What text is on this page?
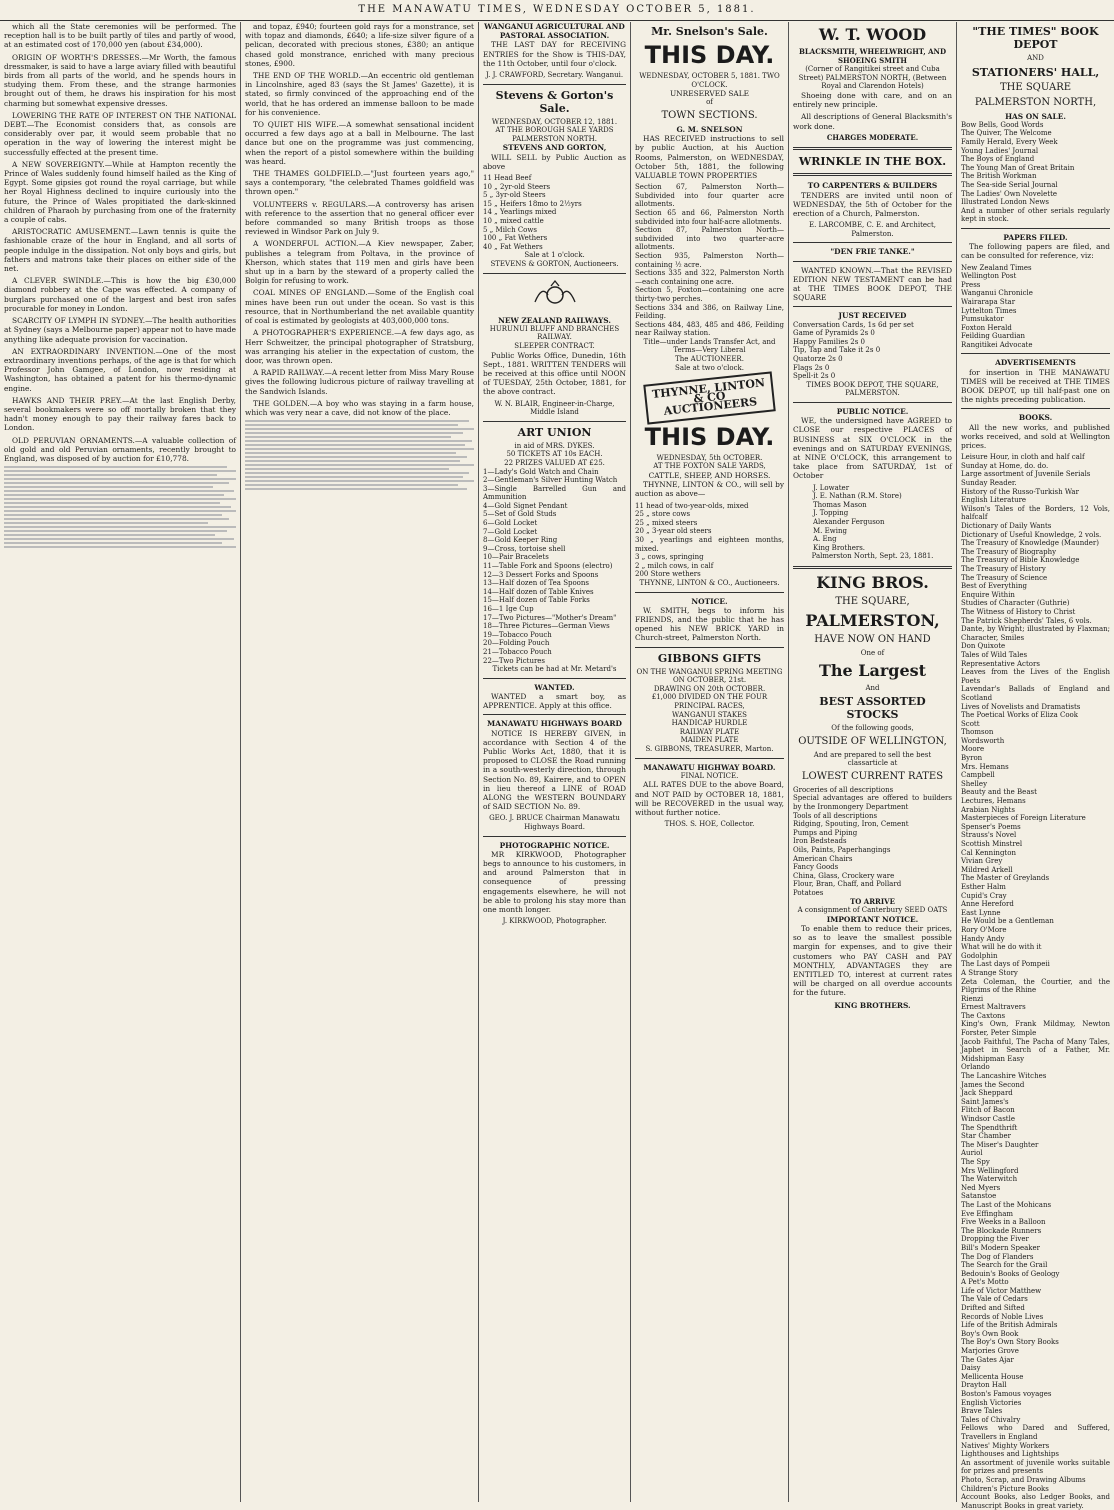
THE MANAWATU TIMES, WEDNESDAY OCTOBER 5, 1881.

which all the State ceremonies will be performed. The reception hall is to be built partly of tiles and partly of wood, at an estimated cost of 170,000 yen (about £34,000).

ORIGIN OF WORTH'S DRESSES.—Mr Worth, the famous dressmaker, is said to have a large aviary filled with beautiful birds from all parts of the world, and he spends hours in studying them. From these, and the strange harmonies brought out of them, he draws his inspiration for his most charming but somewhat expensive dresses.

LOWERING THE RATE OF INTEREST ON THE NATIONAL DEBT.—The Economist considers that, as consols are considerably over par, it would seem probable that no operation in the way of lowering the interest might be successfully effected at the present time.

A NEW SOVEREIGNTY.—While at Hampton recently the Prince of Wales suddenly found himself hailed as the King of Egypt. Some gipsies got round the royal carriage, but while her Royal Highness declined to inquire curiously into the future, the Prince of Wales propitiated the dark-skinned children of Pharaoh by purchasing from one of the fraternity a couple of cabs.

ARISTOCRATIC AMUSEMENT.—Lawn tennis is quite the fashionable craze of the hour in England, and all sorts of people indulge in the dissipation. Not only boys and girls, but fathers and matrons take their places on either side of the net.

A CLEVER SWINDLE.—This is how the big £30,000 diamond robbery at the Cape was effected. A company of burglars purchased one of the largest and best iron safes procurable for money in London.

SCARCITY OF LYMPH IN SYDNEY.—The health authorities at Sydney (says a Melbourne paper) appear not to have made anything like adequate provision for vaccination.

AN EXTRAORDINARY INVENTION.—One of the most extraordinary inventions perhaps, of the age is that for which Professor John Gamgee, of London, now residing at Washington, has obtained a patent for his thermo-dynamic engine.

HAWKS AND THEIR PREY.—At the last English Derby, several bookmakers were so off mortally broken that they hadn't money enough to pay their railway fares back to London.

OLD PERUVIAN ORNAMENTS.—A valuable collection of old gold and old Peruvian ornaments, recently brought to England, was disposed of by auction for £10,778.

and topaz, £940; fourteen gold rays for a monstrance, set with topaz and diamonds, £640; a life-size silver figure of a pelican, decorated with precious stones, £380; an antique chased gold monstrance, enriched with many precious stones, £900.

THE END OF THE WORLD.—An eccentric old gentleman in Lincolnshire, aged 83 (says the St James' Gazette), it is stated, so firmly convinced of the approaching end of the world, that he has ordered an immense balloon to be made for his convenience.

TO QUIET HIS WIFE.—A somewhat sensational incident occurred a few days ago at a ball in Melbourne. The last dance but one on the programme was just commencing, when the report of a pistol somewhere within the building was heard.

THE THAMES GOLDFIELD.—"Just fourteen years ago," says a contemporary, "the celebrated Thames goldfield was thrown open."

VOLUNTEERS v. REGULARS.—A controversy has arisen with reference to the assertion that no general officer ever before commanded so many British troops as those reviewed in Windsor Park on July 9.

A WONDERFUL ACTION.—A Kiev newspaper, Zaber, publishes a telegram from Poltava, in the province of Kherson, which states that 119 men and girls have been shut up in a barn by the steward of a property called the Bolgin for refusing to work.

COAL MINES OF ENGLAND.—Some of the English coal mines have been run out under the ocean. So vast is this resource, that in Northumberland the net available quantity of coal is estimated by geologists at 403,000,000 tons.

A PHOTOGRAPHER'S EXPERIENCE.—A few days ago, as Herr Schweitzer, the principal photographer of Stratsburg, was arranging his atelier in the expectation of custom, the door, was thrown open.

A RAPID RAILWAY.—A recent letter from Miss Mary Rouse gives the following ludicrous picture of railway travelling at the Sandwich Islands.

THE GOLDEN.—A boy who was staying in a farm house, which was very near a cave, did not know of the place.

WANGANUI AGRICULTURAL AND PASTORAL ASSOCIATION.

THE LAST DAY for RECEIVING ENTRIES for the Show is THIS-DAY, the 11th October, until four o'clock.

J. J. CRAWFORD, Secretary. Wanganui.
Stevens & Gorton's Sale.
WEDNESDAY, OCTOBER 12, 1881.
AT THE BOROUGH SALE YARDS PALMERSTON NORTH.
STEVENS AND GORTON,

WILL SELL by Public Auction as above

11 Head Beef
10 „ 2yr-old Steers
5 „ 3yr-old Steers
15 „ Heifers 18mo to 2½yrs
14 „ Yearlings mixed
10 „ mixed cattle
5 „ Milch Cows
100 „ Fat Wethers
40 „ Fat Wethers
Sale at 1 o'clock.
STEVENS & GORTON, Auctioneers.
NEW ZEALAND RAILWAYS.
HURUNUI BLUFF AND BRANCHES RAILWAY.
SLEEPER CONTRACT.

Public Works Office, Dunedin, 16th Sept., 1881. WRITTEN TENDERS will be received at this office until NOON of TUESDAY, 25th October, 1881, for the above contract.

W. N. BLAIR, Engineer-in-Charge, Middle Island
ART UNION
in aid of MRS. DYKES.
50 TICKETS AT 10s EACH.
22 PRIZES VALUED AT £25.
1—Lady's Gold Watch and Chain
2—Gentleman's Silver Hunting Watch
3—Single Barrelled Gun and Ammunition
4—Gold Signet Pendant
5—Set of Gold Studs
6—Gold Locket
7—Gold Locket
8—Gold Keeper Ring
9—Cross, tortoise shell
10—Pair Bracelets
11—Table Fork and Spoons (electro)
12—3 Dessert Forks and Spoons
13—Half dozen of Tea Spoons
14—Half dozen of Table Knives
15—Half dozen of Table Forks
16—1 Ige Cup
17—Two Pictures—"Mother's Dream"
18—Three Pictures—German Views
19—Tobacco Pouch
20—Folding Pouch
21—Tobacco Pouch
22—Two Pictures
Tickets can be had at Mr. Metard's
WANTED.

WANTED a smart boy, as APPRENTICE. Apply at this office.

MANAWATU HIGHWAYS BOARD

NOTICE IS HEREBY GIVEN, in accordance with Section 4 of the Public Works Act, 1880, that it is proposed to CLOSE the Road running in a south-westerly direction, through Section No. 89, Kairere, and to OPEN in lieu thereof a LINE of ROAD ALONG the WESTERN BOUNDARY of SAID SECTION No. 89.

GEO. J. BRUCE Chairman Manawatu Highways Board.
PHOTOGRAPHIC NOTICE.

MR KIRKWOOD, Photographer begs to announce to his customers, in and around Palmerston that in consequence of pressing engagements elsewhere, he will not be able to prolong his stay more than one month longer.

J. KIRKWOOD, Photographer.
Mr. Snelson's Sale.
THIS DAY.
WEDNESDAY, OCTOBER 5, 1881. TWO O'CLOCK.
UNRESERVED SALE
of
TOWN SECTIONS.
G. M. SNELSON

HAS RECEIVED instructions to sell by public Auction, at his Auction Rooms, Palmerston, on WEDNESDAY, October 5th, 1881, the following VALUABLE TOWN PROPERTIES

Section 67, Palmerston North—Subdivided into four quarter acre allotments.
Section 65 and 66, Palmerston North subdivided into four half-acre allotments.
Section 87, Palmerston North—subdivided into two quarter-acre allotments.
Section 935, Palmerston North—containing ½ acre.
Sections 335 and 322, Palmerston North—each containing one acre.
Section 5, Foxton—containing one acre thirty-two perches.
Sections 334 and 386, on Railway Line, Feilding.
Sections 484, 483, 485 and 486, Feilding near Railway station.
Title—under Lands Transfer Act, and Terms—Very Liberal
The AUCTIONEER.
Sale at two o'clock.
THYNNE, LINTON & CO AUCTIONEERS
THIS DAY.
WEDNESDAY, 5th OCTOBER.
AT THE FOXTON SALE YARDS,
CATTLE, SHEEP, AND HORSES.

THYNNE, LINTON & CO., will sell by auction as above—

11 head of two-year-olds, mixed
25 „ store cows
25 „ mixed steers
20 „ 3-year old steers
30 „ yearlings and eighteen months, mixed.
3 „ cows, springing
2 „ milch cows, in calf
200 Store wethers
THYNNE, LINTON & CO., Auctioneers.
NOTICE.

W. SMITH, begs to inform his FRIENDS, and the public that he has opened his NEW BRICK YARD in Church-street, Palmerston North.

GIBBONS GIFTS
ON THE WANGANUI SPRING MEETING
ON OCTOBER, 21st.
DRAWING ON 20th OCTOBER.
£1,000 DIVIDED ON THE FOUR PRINCIPAL RACES,
WANGANUI STAKES
HANDICAP HURDLE
RAILWAY PLATE
MAIDEN PLATE
S. GIBBONS, TREASURER, Marton.
MANAWATU HIGHWAY BOARD.
FINAL NOTICE.

ALL RATES DUE to the above Board, and NOT PAID by OCTOBER 18, 1881, will be RECOVERED in the usual way, without further notice.

THOS. S. HOE, Collector.
W. T. WOOD
BLACKSMITH, WHEELWRIGHT, AND SHOEING SMITH
(Corner of Rangitikei street and Cuba Street) PALMERSTON NORTH, (Between Royal and Clarendon Hotels)

Shoeing done with care, and on an entirely new principle.

All descriptions of General Blacksmith's work done.

CHARGES MODERATE.
WRINKLE IN THE BOX.
TO CARPENTERS & BUILDERS

TENDERS are invited until noon of WEDNESDAY, the 5th of October for the erection of a Church, Palmerston.

E. LARCOMBE, C. E. and Architect, Palmerston.
"DEN FRIE TANKE."

WANTED KNOWN.—That the REVISED EDITION NEW TESTAMENT can be had at THE TIMES BOOK DEPOT, THE SQUARE

JUST RECEIVED
Conversation Cards, 1s 6d per set
Game of Pyramids 2s 0
Happy Families 2s 0
Tip, Tap and Take it 2s 0
Quatorze 2s 0
Flags 2s 0
Spell-it 2s 0
TIMES BOOK DEPOT, THE SQUARE, PALMERSTON.
PUBLIC NOTICE.

WE, the undersigned have AGREED to CLOSE our respective PLACES of BUSINESS at SIX O'CLOCK in the evenings and on SATURDAY EVENINGS, at NINE O'CLOCK, this arrangement to take place from SATURDAY, 1st of October

J. Lowater
J. E. Nathan (R.M. Store)
Thomas Mason
J. Topping
Alexander Ferguson
M. Ewing
A. Eng
King Brothers.
Palmerston North, Sept. 23, 1881.
KING BROS.
THE SQUARE,
PALMERSTON,
HAVE NOW ON HAND
One of
The Largest
And
BEST ASSORTED STOCKS
Of the following goods,
OUTSIDE OF WELLINGTON,
And are prepared to sell the best classarticle at
LOWEST CURRENT RATES
Groceries of all descriptions
Special advantages are offered to builders by the Ironmongery Department
Tools of all descriptions
Ridging, Spouting, Iron, Cement
Pumps and Piping
Iron Bedsteads
Oils, Paints, Paperhangings
American Chairs
Fancy Goods
China, Glass, Crockery ware
Flour, Bran, Chaff, and Pollard
Potatoes
TO ARRIVE
A consignment of Canterbury SEED OATS
IMPORTANT NOTICE.

To enable them to reduce their prices, so as to leave the smallest possible margin for expenses, and to give their customers who PAY CASH and PAY MONTHLY, ADVANTAGES they are ENTITLED TO, interest at current rates will be charged on all overdue accounts for the future.

KING BROTHERS.
"THE TIMES" BOOK DEPOT
AND
STATIONERS' HALL,
THE SQUARE
PALMERSTON NORTH,
HAS ON SALE.
Bow Bells, Good Words
The Quiver, The Welcome
Family Herald, Every Week
Young Ladies' Journal
The Boys of England
The Young Man of Great Britain
The British Workman
The Sea-side Serial Journal
The Ladies' Own Novelette
Illustrated London News
And a number of other serials regularly kept in stock.
PAPERS FILED.

The following papers are filed, and can be consulted for reference, viz:

New Zealand Times
Wellington Post
Press
Wanganui Chronicle
Wairarapa Star
Lyttelton Times
Pumsukator
Foxton Herald
Feilding Guardian
Rangitikei Advocate
ADVERTISEMENTS

for insertion in THE MANAWATU TIMES will be received at THE TIMES BOOK DEPOT, up till half-past one on the nights preceding publication.

BOOKS.

All the new works, and published works received, and sold at Wellington prices.

Leisure Hour, in cloth and half calf
Sunday at Home, do. do.
Large assortment of Juvenile Serials
Sunday Reader.
History of the Russo-Turkish War
English Literature
Wilson's Tales of the Borders, 12 Vols, halfcalf
Dictionary of Daily Wants
Dictionary of Useful Knowledge, 2 vols.
The Treasury of Knowledge (Maunder)
The Treasury of Biography
The Treasury of Bible Knowledge
The Treasury of History
The Treasury of Science
Best of Everything
Enquire Within
Studies of Character (Guthrie)
The Witness of History to Christ
The Patrick Shepherds' Tales, 6 vols.
Dante, by Wright; illustrated by Flaxman; Character, Smiles
Don Quixote
Tales of Wild Tales
Representative Actors
Leaves from the Lives of the English Poets
Lavendar's Ballads of England and Scotland
Lives of Novelists and Dramatists
The Poetical Works of Eliza Cook
Scott
Thomson
Wordsworth
Moore
Byron
Mrs. Hemans
Campbell
Shelley
Beauty and the Beast
Lectures, Hemans
Arabian Nights
Masterpieces of Foreign Literature
Spenser's Poems
Strauss's Novel
Scottish Minstrel
Cal Kennington
Vivian Grey
Mildred Arkell
The Master of Greylands
Esther Halm
Cupid's Cray
Anne Hereford
East Lynne
He Would be a Gentleman
Rory O'More
Handy Andy
What will he do with it
Godolphin
The Last days of Pompeii
A Strange Story
Zeta Coleman, the Courtier, and the Pilgrims of the Rhine
Rienzi
Ernest Maltravers
The Caxtons
King's Own, Frank Mildmay, Newton Forster, Peter Simple
Jacob Faithful, The Pacha of Many Tales, Japhet in Search of a Father, Mr. Midshipman Easy
Orlando
The Lancashire Witches
James the Second
Jack Sheppard
Saint James's
Flitch of Bacon
Windsor Castle
The Spendthrift
Star Chamber
The Miser's Daughter
Auriol
The Spy
Mrs Wellingford
The Waterwitch
Ned Myers
Satanstoe
The Last of the Mohicans
Eve Effingham
Five Weeks in a Balloon
The Blockade Runners
Dropping the Fiver
Bill's Modern Speaker
The Dog of Flanders
The Search for the Grail
Bedouin's Books of Geology
A Pet's Motto
Life of Victor Matthew
The Vale of Cedars
Drifted and Sifted
Records of Noble Lives
Life of the British Admirals
Boy's Own Book
The Boy's Own Story Books
Marjories Grove
The Gates Ajar
Daisy
Mellicenta House
Drayton Hall
Boston's Famous voyages
English Victories
Brave Tales
Tales of Chivalry
Fellows who Dared and Suffered, Travellers in England
Natives' Mighty Workers
Lighthouses and Lightships
An assortment of juvenile works suitable for prizes and presents
Photo, Scrap, and Drawing Albums
Children's Picture Books
Account Books, also Ledger Books, and Manuscript Books in great variety.
